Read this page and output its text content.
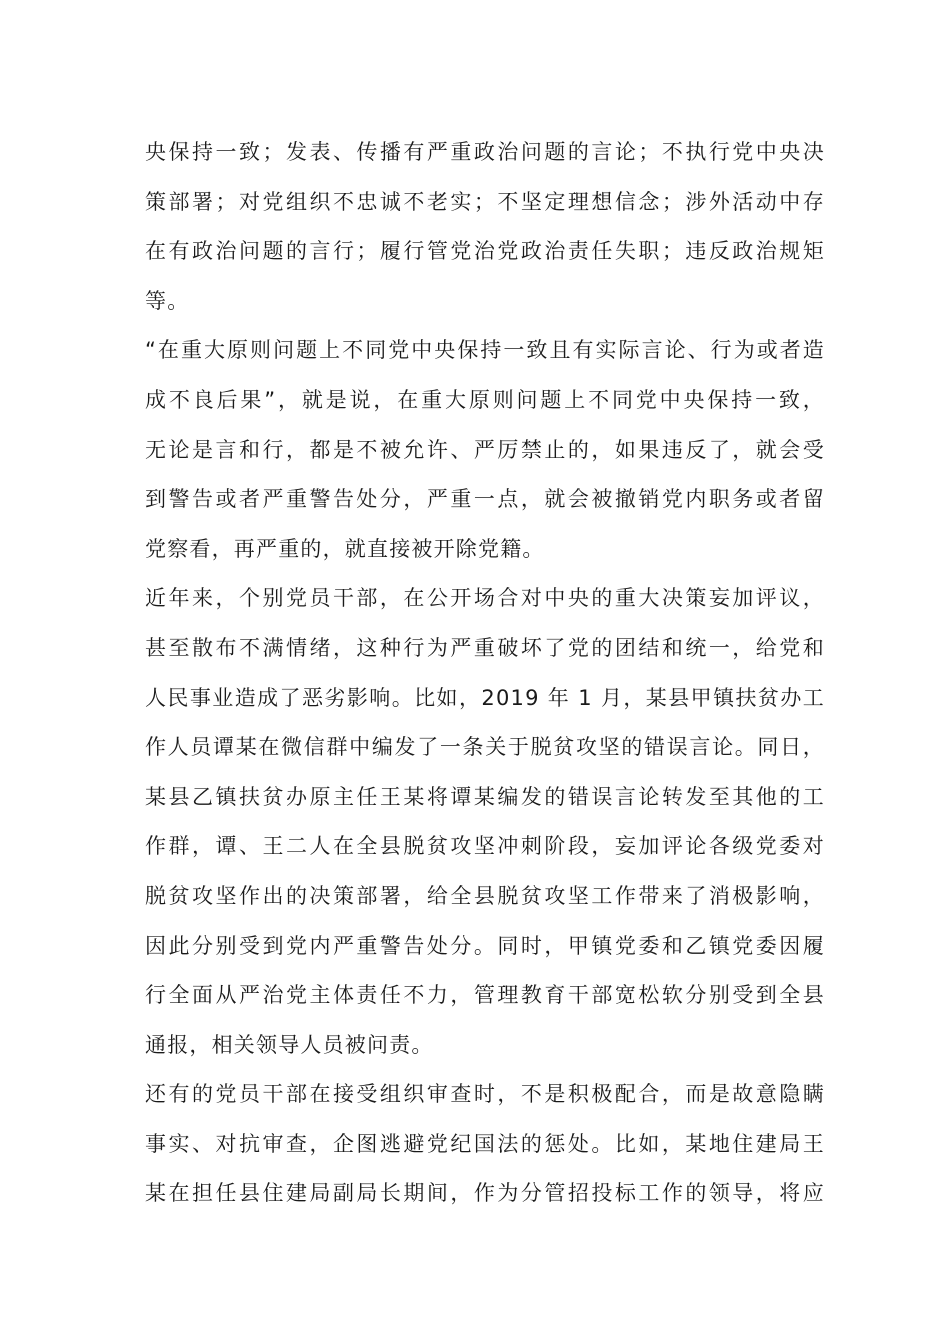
央保持一致；发表、传播有严重政治问题的言论；不执行党中央决
策部署；对党组织不忠诚不老实；不坚定理想信念；涉外活动中存
在有政治问题的言行；履行管党治党政治责任失职；违反政治规矩
等。
“在重大原则问题上不同党中央保持一致且有实际言论、行为或者造
成不良后果”，就是说，在重大原则问题上不同党中央保持一致，
无论是言和行，都是不被允许、严厉禁止的，如果违反了，就会受
到警告或者严重警告处分，严重一点，就会被撤销党内职务或者留
党察看，再严重的，就直接被开除党籍。
近年来，个别党员干部，在公开场合对中央的重大决策妄加评议，
甚至散布不满情绪，这种行为严重破坏了党的团结和统一，给党和
人民事业造成了恶劣影响。比如，2019 年 1 月，某县甲镇扶贫办工
作人员谭某在微信群中编发了一条关于脱贫攻坚的错误言论。同日，
某县乙镇扶贫办原主任王某将谭某编发的错误言论转发至其他的工
作群，谭、王二人在全县脱贫攻坚冲刺阶段，妄加评论各级党委对
脱贫攻坚作出的决策部署，给全县脱贫攻坚工作带来了消极影响，
因此分别受到党内严重警告处分。同时，甲镇党委和乙镇党委因履
行全面从严治党主体责任不力，管理教育干部宽松软分别受到全县
通报，相关领导人员被问责。
还有的党员干部在接受组织审查时，不是积极配合，而是故意隐瞒
事实、对抗审查，企图逃避党纪国法的惩处。比如，某地住建局王
某在担任县住建局副局长期间，作为分管招投标工作的领导，将应
